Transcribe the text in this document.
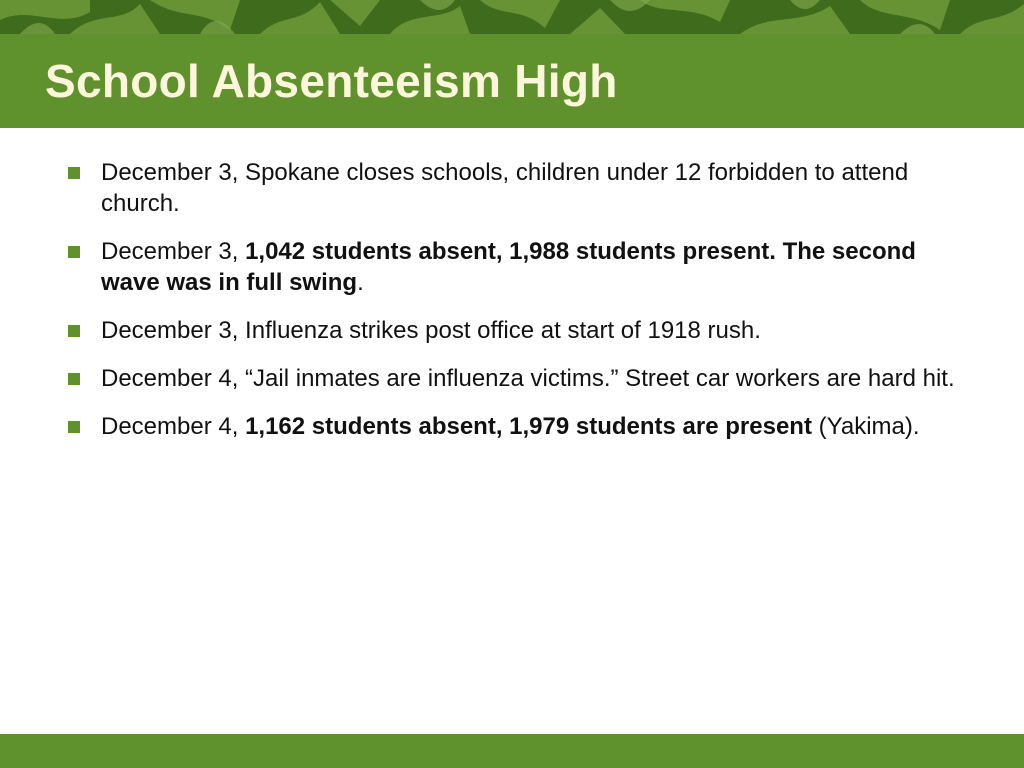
School Absenteeism High
December 3, Spokane closes schools, children under 12 forbidden to attend church.
December 3, 1,042 students absent, 1,988 students present. The second wave was in full swing.
December 3, Influenza strikes post office at start of 1918 rush.
December 4, “Jail inmates are influenza victims.” Street car workers are hard hit.
December 4, 1,162 students absent, 1,979 students are present (Yakima).
